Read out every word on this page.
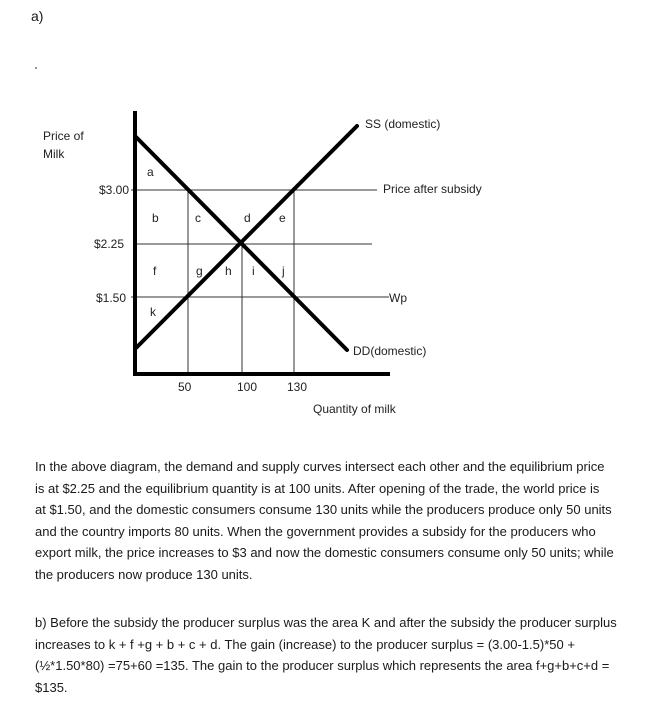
a)
Price of
Milk
Quantity of milk
$3.00
$2.25
$1.50
50	100 130
SS (domestic)
DD(domestic)
Price after subsidy
Wp
a
b	c	d e
f	g h i j
k
In the above diagram, the demand and supply curves intersect each other and the equilibrium price
is at $2.25 and the equilibrium quantity is at 100 units. After opening of the trade, the world price is
at $1.50, and the domestic consumers consume 130 units while the producers produce only 50 units
and the country imports 80 units. When the government provides a subsidy for the producers who
export milk, the price increases to $3 and now the domestic consumers consume only 50 units; while
the producers now produce 130 units.
b) Before the subsidy the producer surplus was the area K and after the subsidy the producer surplus
increases to k + f +g + b + c + d. The gain (increase) to the producer surplus = (3.00-1.5)*50 +
(½*1.50*80) =75+60 =135. The gain to the producer surplus which represents the area f+g+b+c+d =
$135.
